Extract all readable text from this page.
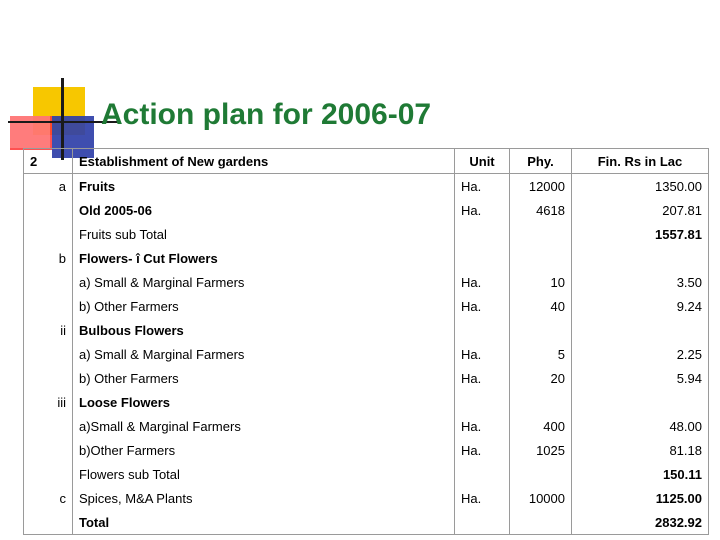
Action plan for 2006-07
2	Establishment of New gardens	Unit	Phy.	Fin. Rs in Lac
a	Fruits	Ha.	12000	1350.00
	Old 2005-06	Ha.	4618	207.81
	Fruits sub Total			1557.81
b	Flowers- î Cut Flowers			
	a) Small & Marginal Farmers	Ha.	10	3.50
	b) Other Farmers	Ha.	40	9.24
ii	Bulbous Flowers			
	a) Small & Marginal Farmers	Ha.	5	2.25
	b) Other Farmers	Ha.	20	5.94
iii	Loose Flowers			
	a)Small & Marginal Farmers	Ha.	400	48.00
	b)Other Farmers	Ha.	1025	81.18
	Flowers sub Total			150.11
c	Spices, M&A Plants	Ha.	10000	1125.00
	Total			2832.92
